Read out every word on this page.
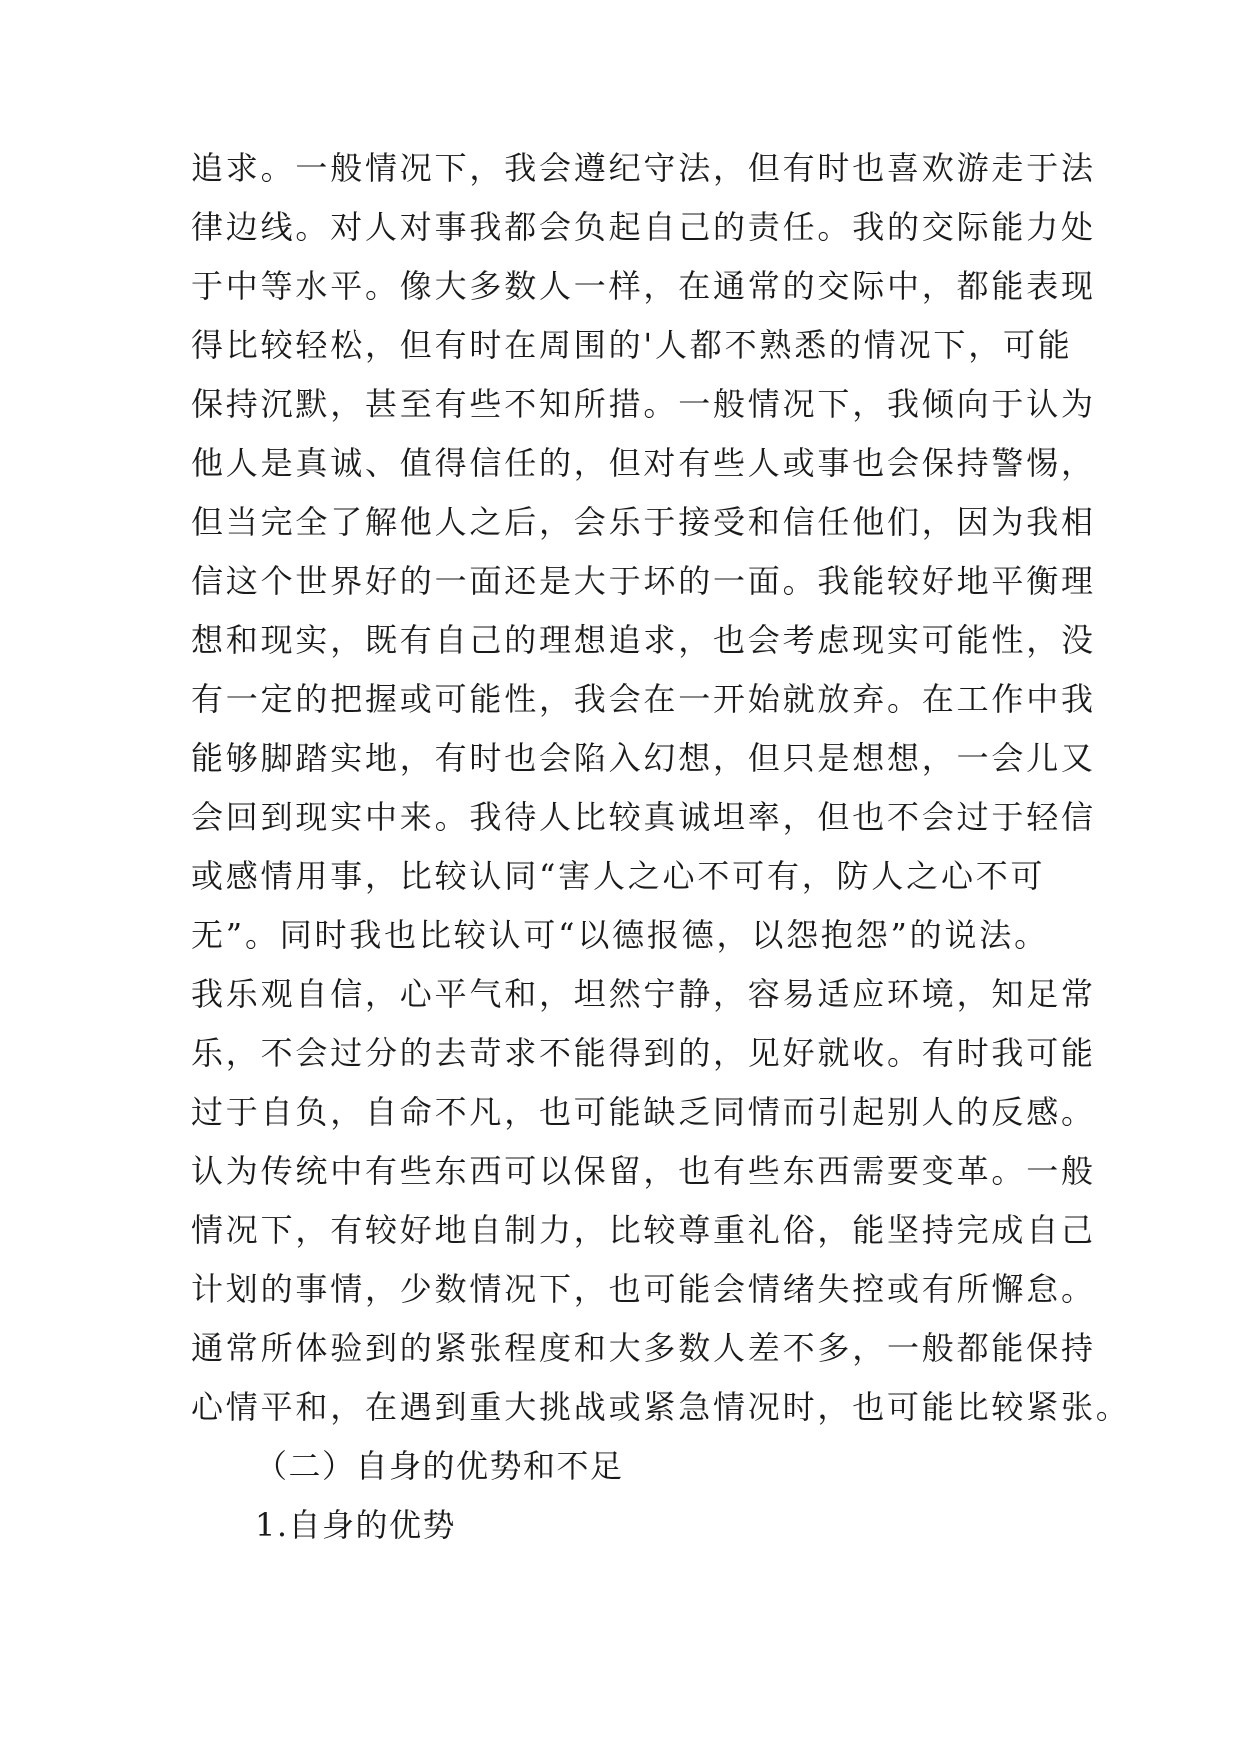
追求。一般情况下，我会遵纪守法，但有时也喜欢游走于法
律边线。对人对事我都会负起自己的责任。我的交际能力处
于中等水平。像大多数人一样，在通常的交际中，都能表现
得比较轻松，但有时在周围的'人都不熟悉的情况下，可能
保持沉默，甚至有些不知所措。一般情况下，我倾向于认为
他人是真诚、值得信任的，但对有些人或事也会保持警惕，
但当完全了解他人之后，会乐于接受和信任他们，因为我相
信这个世界好的一面还是大于坏的一面。我能较好地平衡理
想和现实，既有自己的理想追求，也会考虑现实可能性，没
有一定的把握或可能性，我会在一开始就放弃。在工作中我
能够脚踏实地，有时也会陷入幻想，但只是想想，一会儿又
会回到现实中来。我待人比较真诚坦率，但也不会过于轻信
或感情用事，比较认同“害人之心不可有，防人之心不可
无”。同时我也比较认可“以德报德，以怨抱怨”的说法。
我乐观自信，心平气和，坦然宁静，容易适应环境，知足常
乐，不会过分的去苛求不能得到的，见好就收。有时我可能
过于自负，自命不凡，也可能缺乏同情而引起别人的反感。
认为传统中有些东西可以保留，也有些东西需要变革。一般
情况下，有较好地自制力，比较尊重礼俗，能坚持完成自己
计划的事情，少数情况下，也可能会情绪失控或有所懈怠。
通常所体验到的紧张程度和大多数人差不多，一般都能保持
心情平和，在遇到重大挑战或紧急情况时，也可能比较紧张。
（二）自身的优势和不足
1.自身的优势
